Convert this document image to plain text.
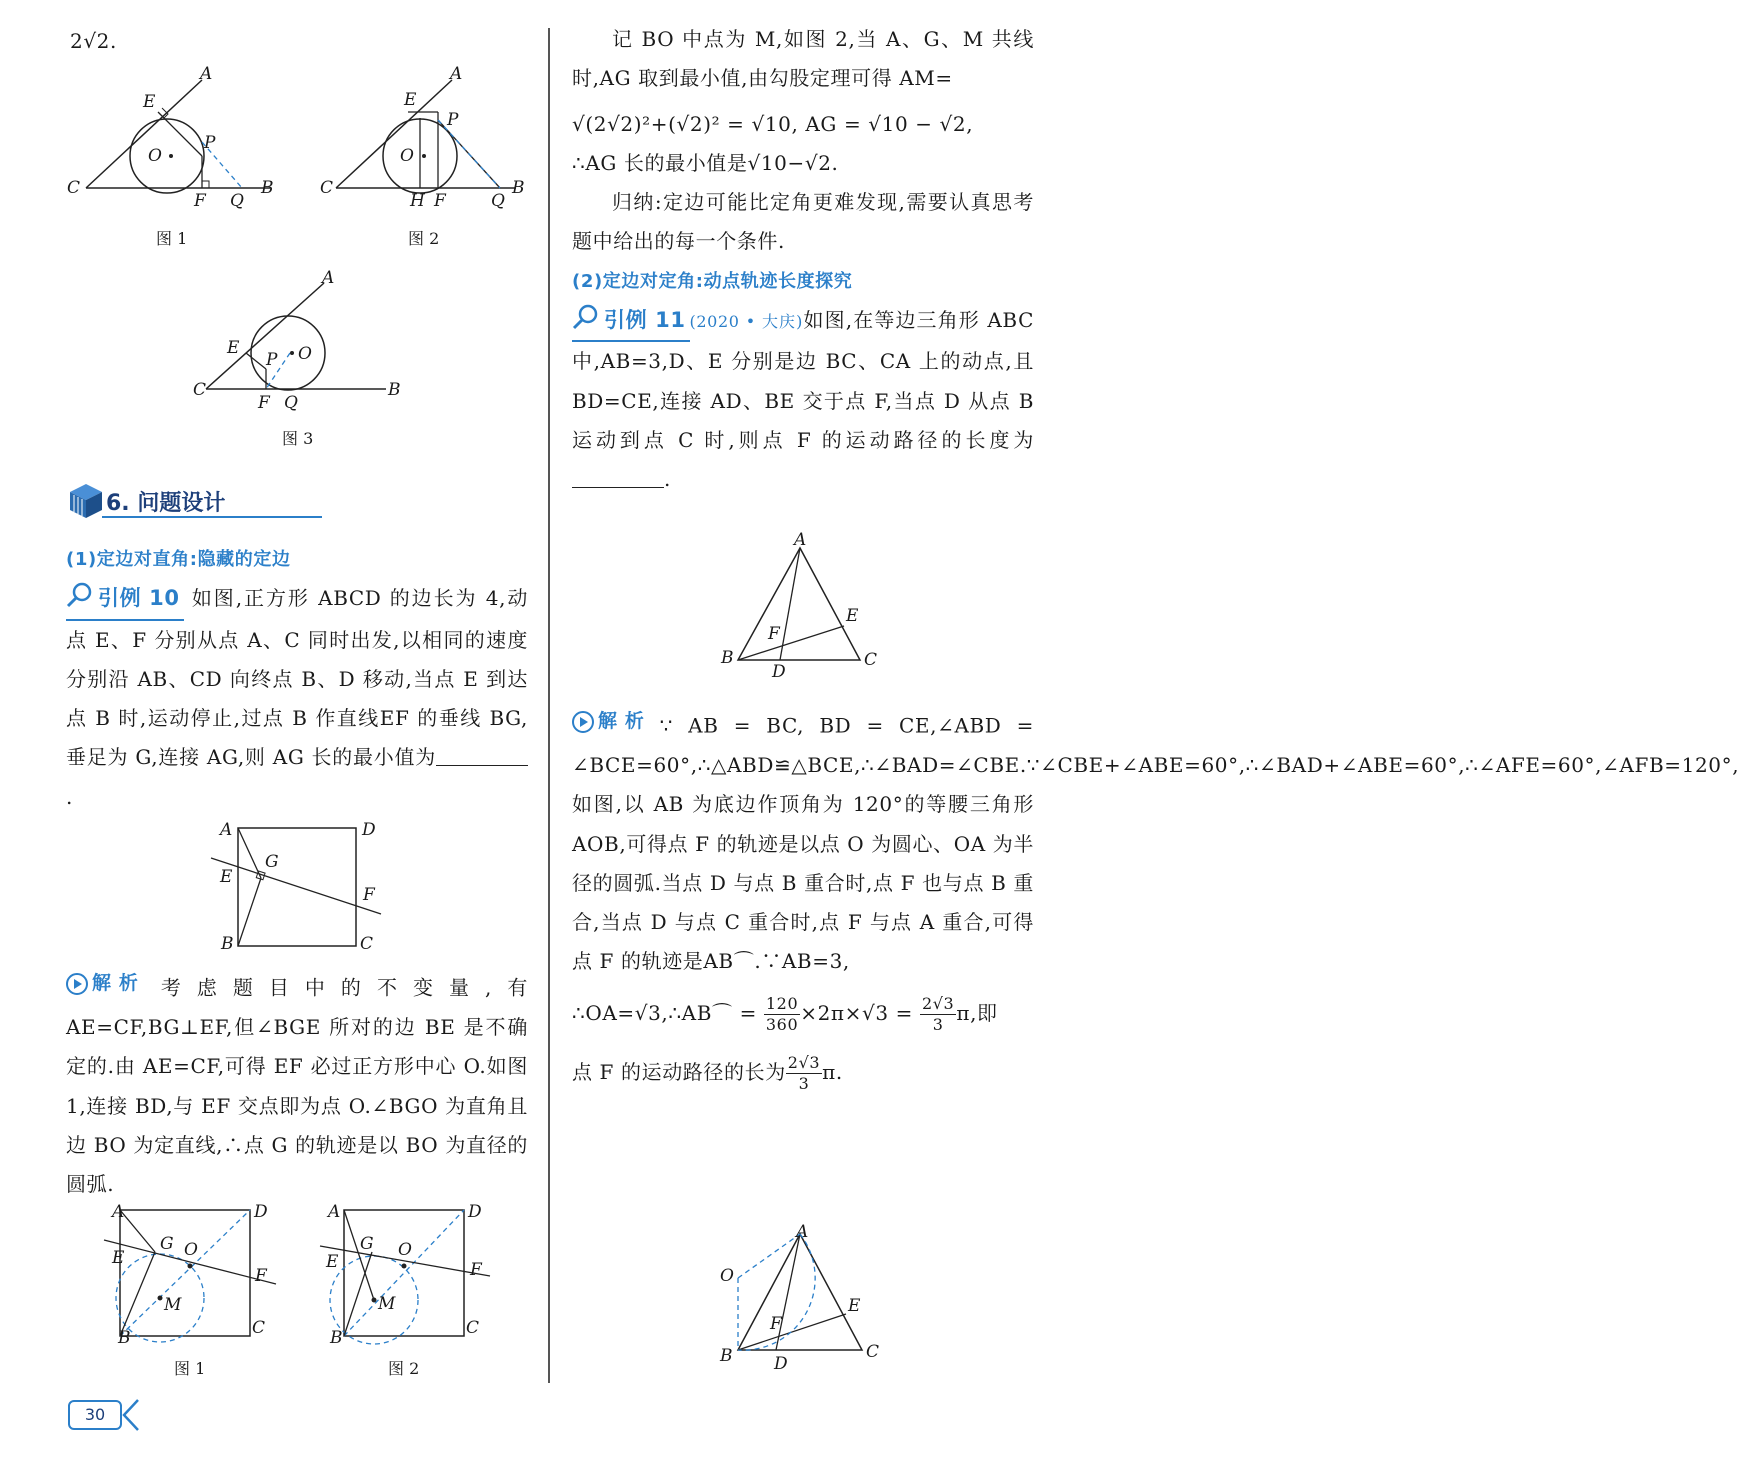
2√2.

A
E
P
O
C
F Q
B
图 1
A
E
P
O
C
H F	Q
B
图 2
A
E
P O
C
F Q
B
图 3
6. 问题设计

(1)定边对直角:隐藏的定边

引例 10 如图,正方形 ABCD 的边长为 4,动点 E、F 分别从点 A、C 同时出发,以相同的速度分别沿 AB、CD 向终点 B、D 移动,当点 E 到达点 B 时,运动停止,过点 B 作直线EF 的垂线 BG,垂足为 G,连接 AG,则 AG 长的最小值为.

A	D
G
E
F
B	C

解 析 考虑题目中的不变量,有 AE=CF,BG⊥EF,但∠BGE 所对的边 BE 是不确定的.由 AE=CF,可得 EF 必过正方形中心 O.如图 1,连接 BD,与 EF 交点即为点 O.∠BGO 为直角且边 BO 为定直线,∴点 G 的轨迹是以 BO 为直径的圆弧.

A	D
G O
E
F
M
B	C
图 1
A	D
G O
E	F
M
B	C
图 2

记 BO 中点为 M,如图 2,当 A、G、M 共线时,AG 取到最小值,由勾股定理可得 AM=

√(2√2)²+(√2)² = √10, AG = √10 − √2,

∴AG 长的最小值是√10−√2.

归纳:定边可能比定角更难发现,需要认真思考题中给出的每一个条件.

(2)定边对定角:动点轨迹长度探究

引例 11 (2020 • 大庆)如图,在等边三角形 ABC 中,AB=3,D、E 分别是边 BC、CA 上的动点,且 BD=CE,连接 AD、BE 交于点 F,当点 D 从点 B 运动到点 C 时,则点 F 的运动路径的长度为.

A
E
F
B
D
C

解 析 ∵ AB = BC, BD = CE,∠ABD = ∠BCE=60°,∴△ABD≌△BCE,∴∠BAD=∠CBE.∵∠CBE+∠ABE=60°,∴∠BAD+∠ABE=60°,∴∠AFE=60°,∠AFB=120°,如图,以 AB 为底边作顶角为 120°的等腰三角形 AOB,可得点 F 的轨迹是以点 O 为圆心、OA 为半径的圆弧.当点 D 与点 B 重合时,点 F 也与点 B 重合,当点 D 与点 C 重合时,点 F 与点 A 重合,可得点 F 的轨迹是AB⌒.∵AB=3,

∴OA=√3,∴AB⌒ = $\frac{120}{360} \times 2\pi\times√3 = \frac{2√3}{3} \pi$,即

点 F 的运动路径的长为 $\frac{2√3}{3} \pi$.

A
O
E
F
B D
C
30
